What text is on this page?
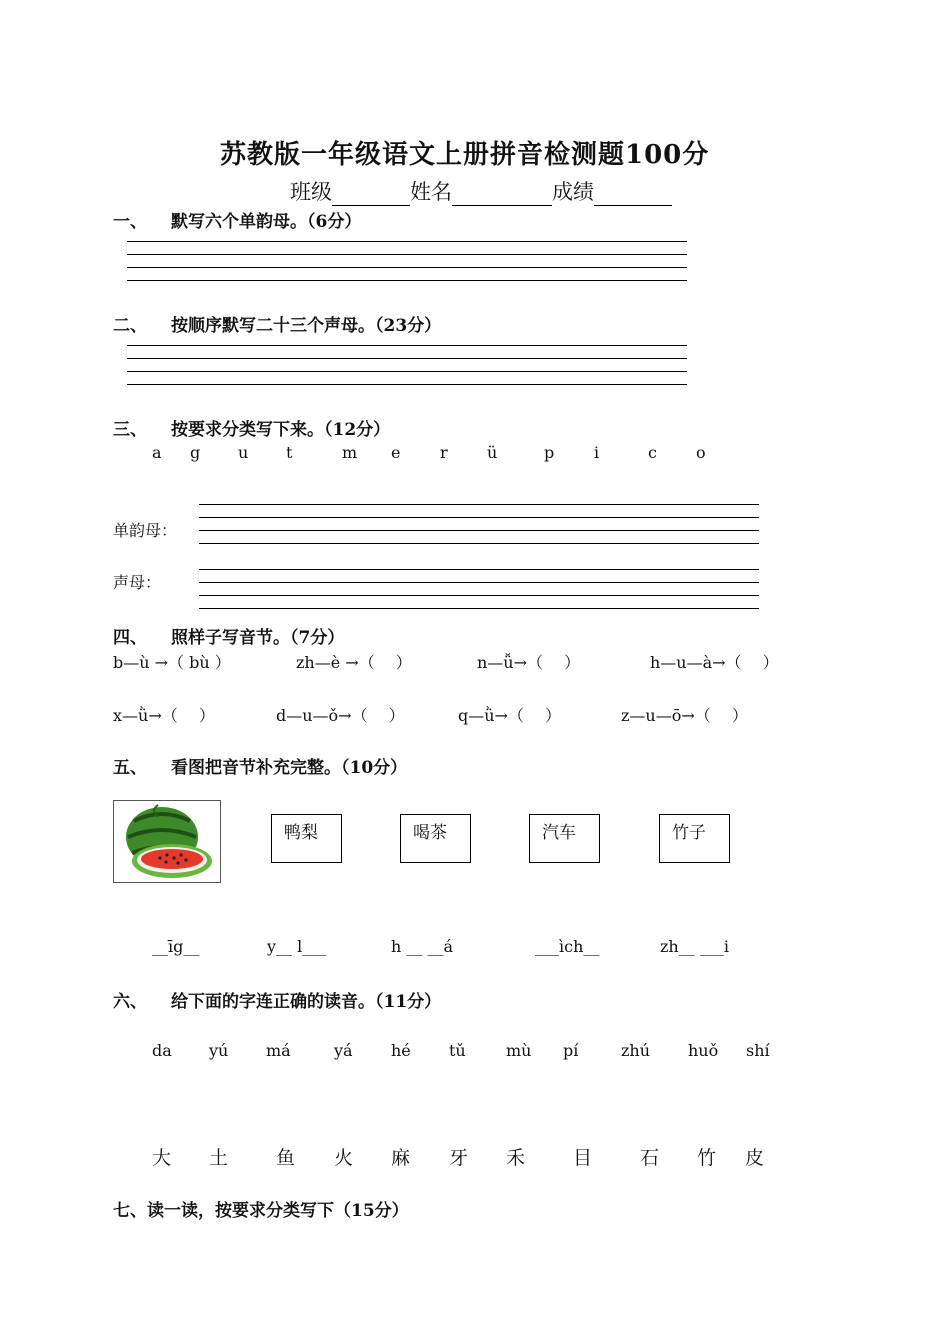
苏教版一年级语文上册拼音检测题100分
班级	姓名	成绩
一、 默写六个单韵母。（6分）
二、 按顺序默写二十三个声母。（23分）
三、 按要求分类写下来。（12分）
a g u t	m e r ü	p i	c o
单韵母：
声母：
四、 照样子写音节。（7分）
b—ù →（ bù ）	zh—è →（　 ）	n—ǚ→（　 ）	h—u—à→（　 ）
x—ǜ→（　 ）	d—u—ǒ→（　 ）	q—ǜ→（　 ）	z—u—ō→（　 ）
五、 看图把音节补充完整。（10分）
鸭梨	喝茶	汽车	竹子
__īg__	y__ l___	h __ __á	___ìch__	zh__ ___i
六、 给下面的字连正确的读音。（11分）
da yú má	yá hé tǔ	mù pí	zhú huǒ shí
大 土	鱼 火 麻 牙 禾	目	石 竹 皮
七、读一读，按要求分类写下（15分）
